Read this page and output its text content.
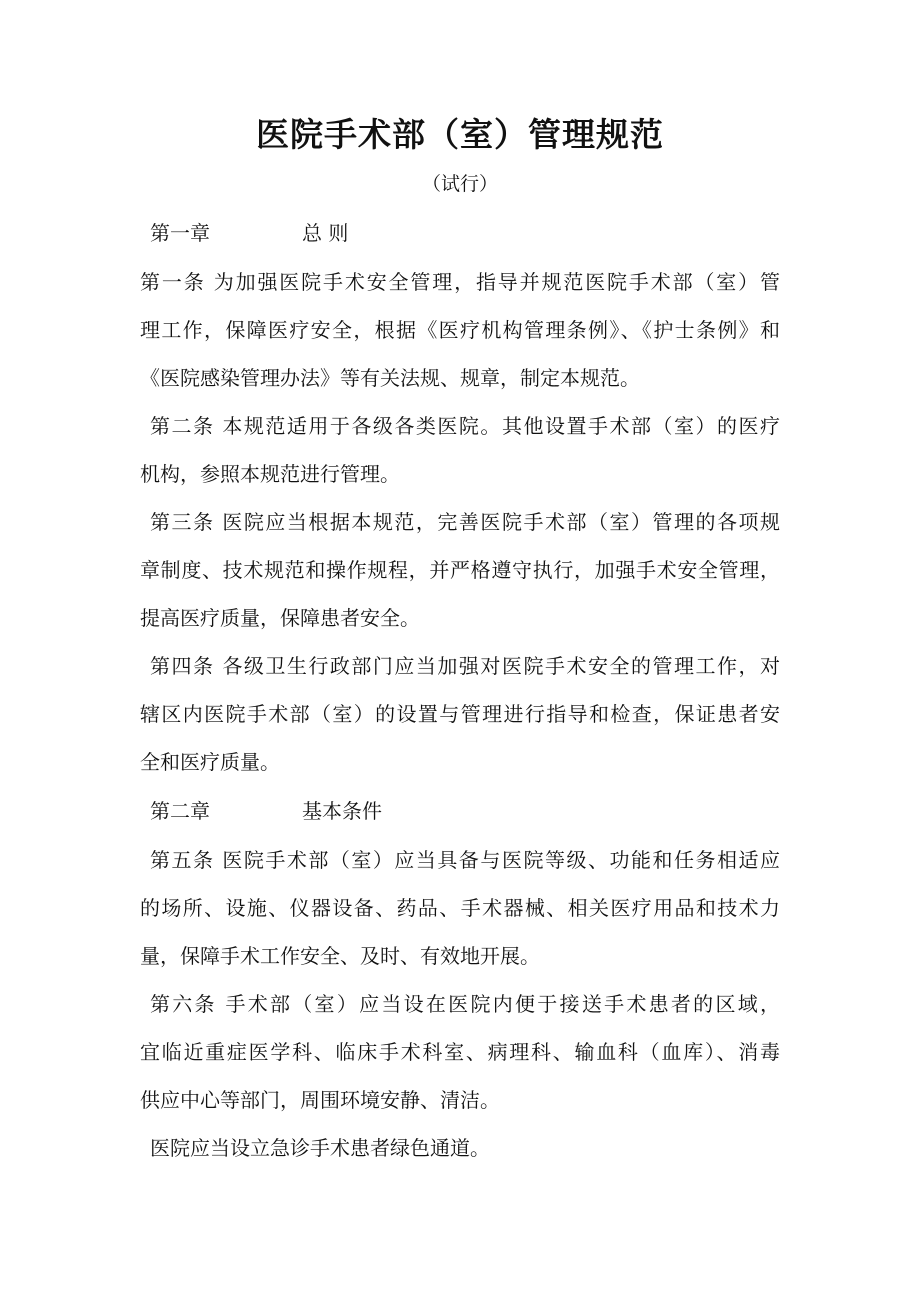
医院手术部（室）管理规范
（试行）
第一章	总 则
第一条 为加强医院手术安全管理，指导并规范医院手术部（室）管
理工作，保障医疗安全，根据《医疗机构管理条例》、《护士条例》和
《医院感染管理办法》等有关法规、规章，制定本规范。
第二条 本规范适用于各级各类医院。其他设置手术部（室）的医疗
机构，参照本规范进行管理。
第三条 医院应当根据本规范，完善医院手术部（室）管理的各项规
章制度、技术规范和操作规程，并严格遵守执行，加强手术安全管理，
提高医疗质量，保障患者安全。
第四条 各级卫生行政部门应当加强对医院手术安全的管理工作，对
辖区内医院手术部（室）的设置与管理进行指导和检查，保证患者安
全和医疗质量。
第二章	基本条件
第五条 医院手术部（室）应当具备与医院等级、功能和任务相适应
的场所、设施、仪器设备、药品、手术器械、相关医疗用品和技术力
量，保障手术工作安全、及时、有效地开展。
第六条 手术部（室）应当设在医院内便于接送手术患者的区域，
宜临近重症医学科、临床手术科室、病理科、输血科（血库）、消毒
供应中心等部门，周围环境安静、清洁。
医院应当设立急诊手术患者绿色通道。
